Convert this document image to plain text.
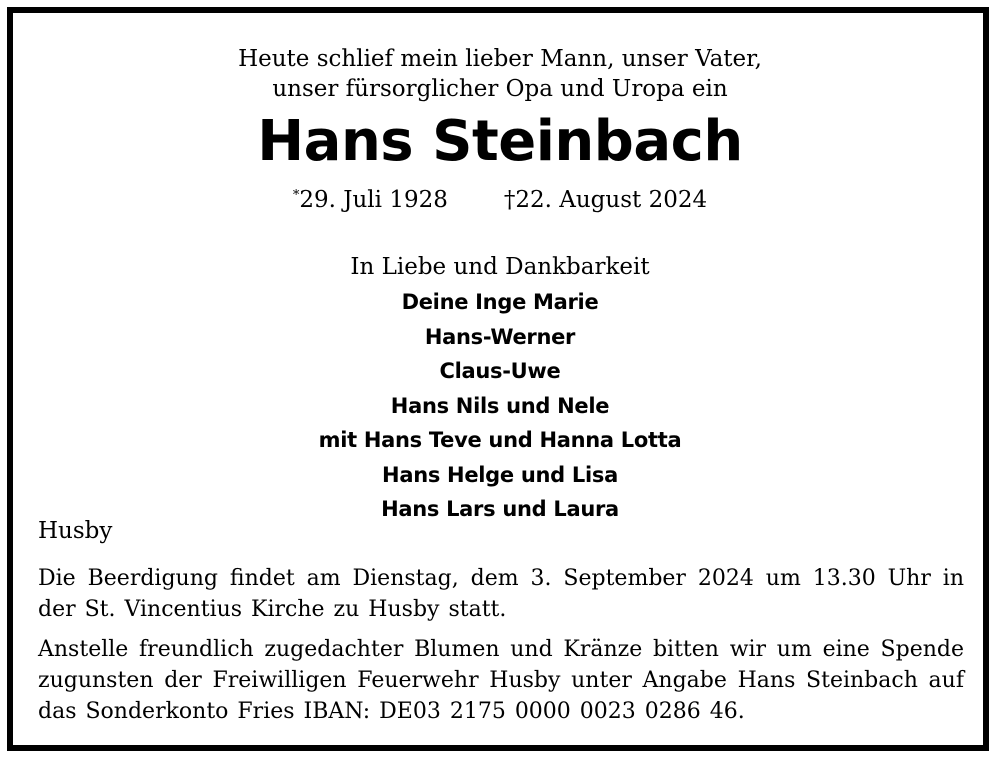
Heute schlief mein lieber Mann, unser Vater,
unser fürsorglicher Opa und Uropa ein
Hans Steinbach
*29. Juli 1928 †22. August 2024
In Liebe und Dankbarkeit
Deine Inge Marie
Hans-Werner
Claus-Uwe
Hans Nils und Nele
mit Hans Teve und Hanna Lotta
Hans Helge und Lisa
Hans Lars und Laura
Husby
Die Beerdigung findet am Dienstag, dem 3. September 2024 um 13.30 Uhr in der St. Vincentius Kirche zu Husby statt.
Anstelle freundlich zugedachter Blumen und Kränze bitten wir um eine Spende zugunsten der Freiwilligen Feuerwehr Husby unter Angabe Hans Steinbach auf das Sonderkonto Fries IBAN: DE03 2175 0000 0023 0286 46.
